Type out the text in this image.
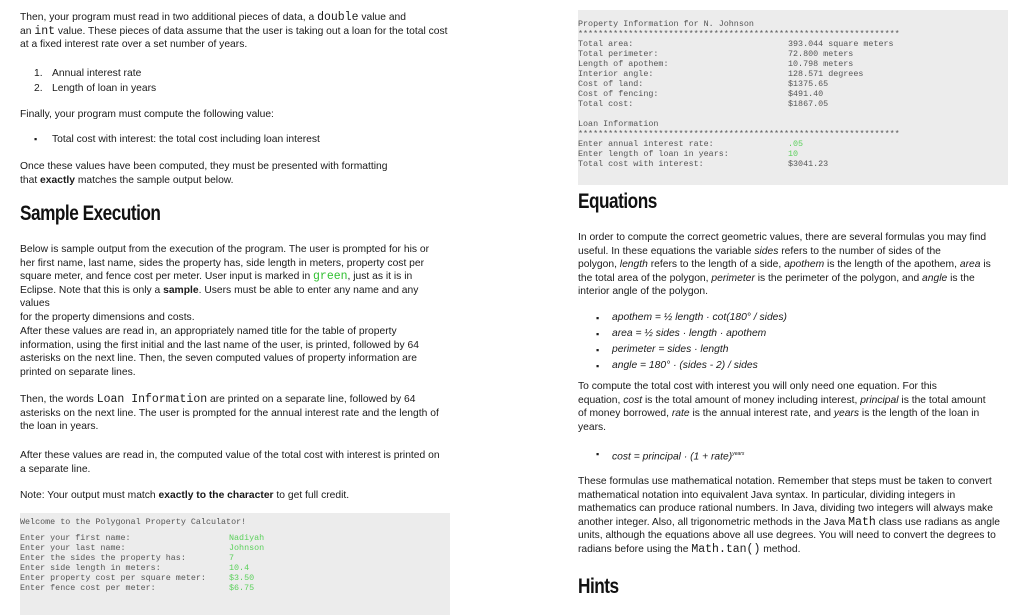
Then, your program must read in two additional pieces of data, a double value and

an int value. These pieces of data assume that the user is taking out a loan for the total cost

at a fixed interest rate over a set number of years.

1. Annual interest rate
2. Length of loan in years

Finally, your program must compute the following value:

▪ Total cost with interest: the total cost including loan interest

Once these values have been computed, they must be presented with formatting

that exactly matches the sample output below.

Sample Execution

Below is sample output from the execution of the program. The user is prompted for his or

her first name, last name, sides the property has, side length in meters, property cost per

square meter, and fence cost per meter. User input is marked in green, just as it is in

Eclipse. Note that this is only a sample. Users must be able to enter any name and any values

for the property dimensions and costs.

After these values are read in, an appropriately named title for the table of property

information, using the first initial and the last name of the user, is printed, followed by 64

asterisks on the next line. Then, the seven computed values of property information are

printed on separate lines.

Then, the words Loan Information are printed on a separate line, followed by 64

asterisks on the next line. The user is prompted for the annual interest rate and the length of

the loan in years.

After these values are read in, the computed value of the total cost with interest is printed on

a separate line.

Note: Your output must match exactly to the character to get full credit.

Welcome to the Polygonal Property Calculator!
Enter your first name:	Nadiyah
Enter your last name:	Johnson
Enter the sides the property has:	7
Enter side length in meters:	10.4
Enter property cost per square meter:	$3.50
Enter fence cost per meter:	$6.75
Property Information for N. Johnson
****************************************************************
Total area:	393.044 square meters
Total perimeter:	72.800 meters
Length of apothem:	10.798 meters
Interior angle:	128.571 degrees
Cost of land:	$1375.65
Cost of fencing:	$491.40
Total cost:	$1867.05
Loan Information
****************************************************************
Enter annual interest rate:	.05
Enter length of loan in years:	10
Total cost with interest:	$3041.23
Equations

In order to compute the correct geometric values, there are several formulas you may find

useful. In these equations the variable sides refers to the number of sides of the

polygon, length refers to the length of a side, apothem is the length of the apothem, area is

the total area of the polygon, perimeter is the perimeter of the polygon, and angle is the

interior angle of the polygon.

▪ apothem = ½ length · cot(180° / sides)
▪ area = ½ sides · length · apothem
▪ perimeter = sides · length
▪ angle = 180° · (sides - 2) / sides

To compute the total cost with interest you will only need one equation. For this

equation, cost is the total amount of money including interest, principal is the total amount

of money borrowed, rate is the annual interest rate, and years is the length of the loan in

years.

▪ cost = principal · (1 + rate)$^{years}$

These formulas use mathematical notation. Remember that steps must be taken to convert

mathematical notation into equivalent Java syntax. In particular, dividing integers in

mathematics can produce rational numbers. In Java, dividing two integers will always make

another integer. Also, all trigonometric methods in the Java Math class use radians as angle

units, although the equations above all use degrees. You will need to convert the degrees to

radians before using the Math.tan() method.

Hints
